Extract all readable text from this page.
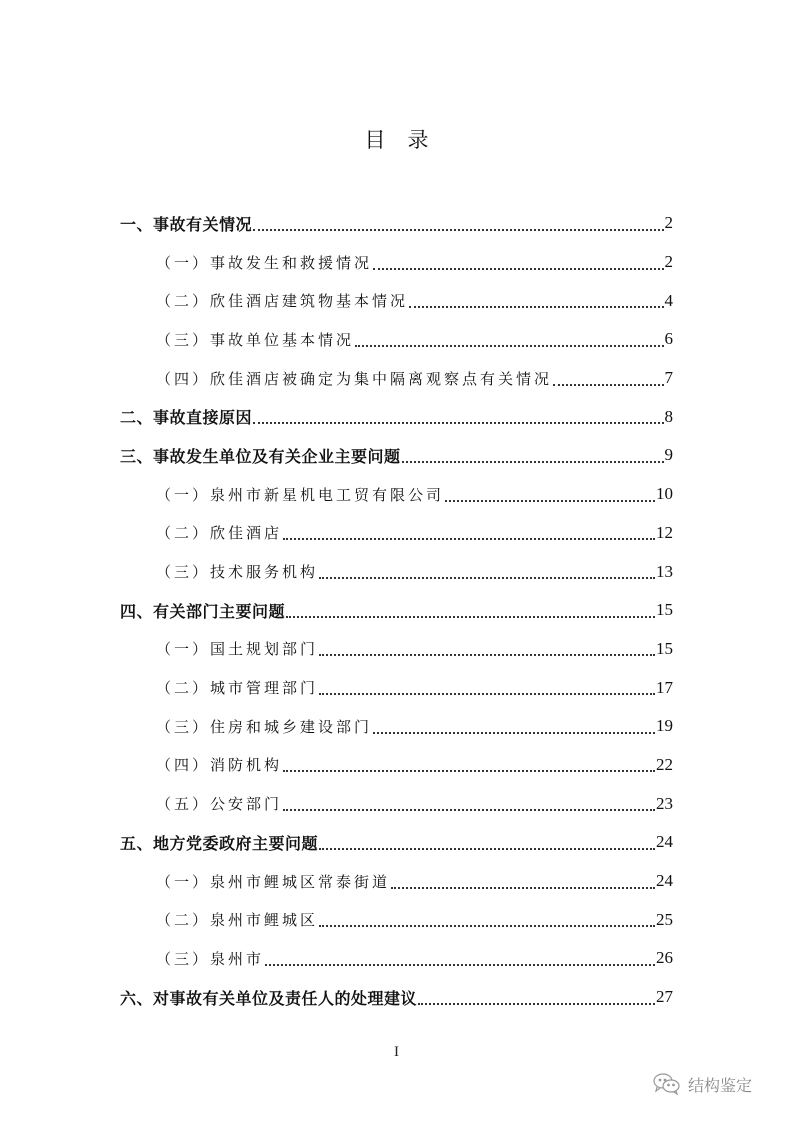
目录
一、事故有关情况	2
（一）事故发生和救援情况	2
（二）欣佳酒店建筑物基本情况	4
（三）事故单位基本情况	6
（四）欣佳酒店被确定为集中隔离观察点有关情况	7
二、事故直接原因	8
三、事故发生单位及有关企业主要问题	9
（一）泉州市新星机电工贸有限公司	10
（二）欣佳酒店	12
（三）技术服务机构	13
四、有关部门主要问题	15
（一）国土规划部门	15
（二）城市管理部门	17
（三）住房和城乡建设部门	19
（四）消防机构	22
（五）公安部门	23
五、地方党委政府主要问题	24
（一）泉州市鲤城区常泰街道	24
（二）泉州市鲤城区	25
（三）泉州市	26
六、对事故有关单位及责任人的处理建议	27
I
结构鉴定
